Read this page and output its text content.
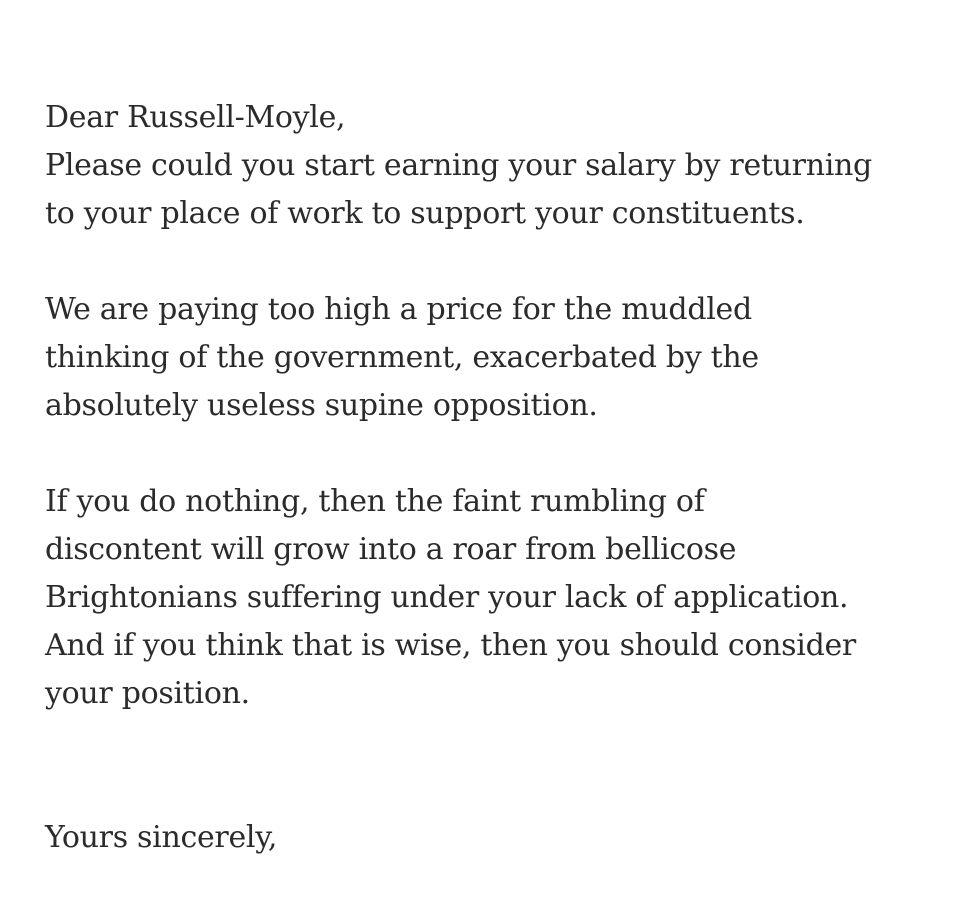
Dear Russell-Moyle,
Please could you start earning your salary by returning
to your place of work to support your constituents.
We are paying too high a price for the muddled
thinking of the government, exacerbated by the
absolutely useless supine opposition.
If you do nothing, then the faint rumbling of
discontent will grow into a roar from bellicose
Brightonians suffering under your lack of application.
And if you think that is wise, then you should consider
your position.
Yours sincerely,
